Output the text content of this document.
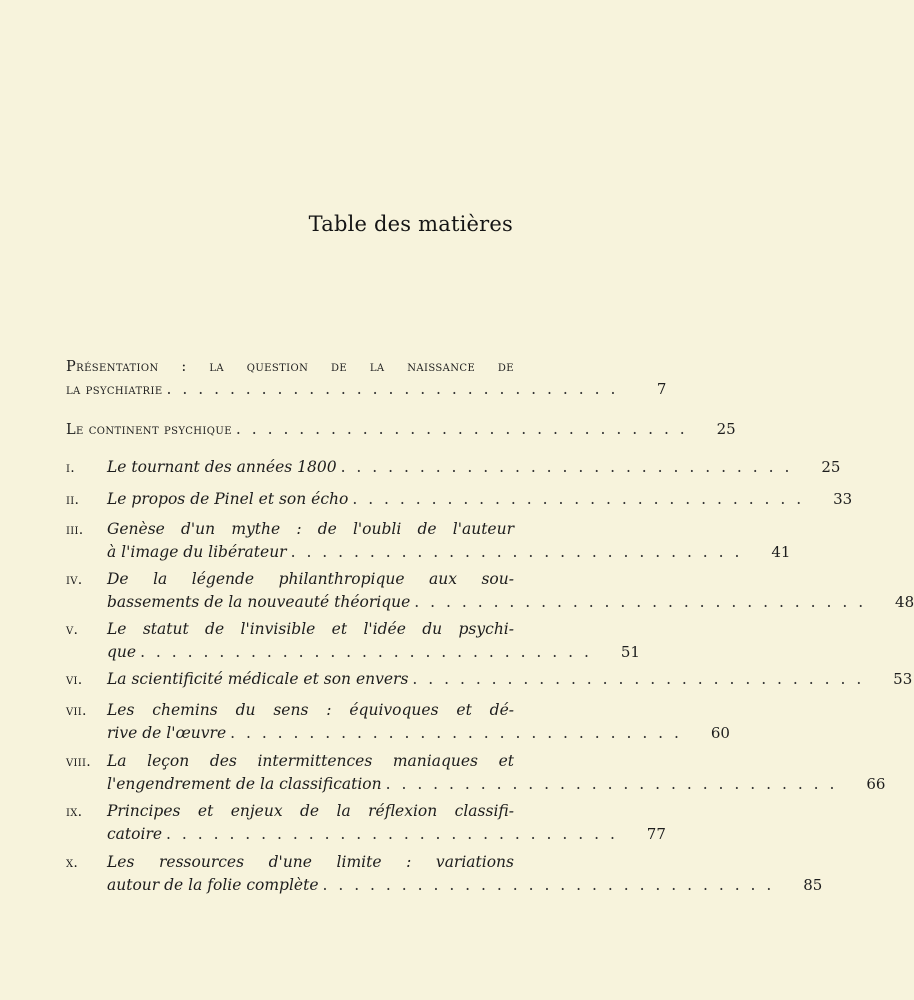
Table des matières
Présentation : la question de la naissance de
la psychiatrie . . . . . . . . . . . . . . . . . . . . . . . . . . . . .	7
Le continent psychique . . . . . . . . . . . . . . . . . . . . . . . . . . . . .	25
i.	Le tournant des années 1800 . . . . . . . . . . . . . . . . . . . . . . . . . . . . .	25
ii.	Le propos de Pinel et son écho . . . . . . . . . . . . . . . . . . . . . . . . . . . . .	33
iii.	Genèse d'un mythe : de l'oubli de l'auteur
à l'image du libérateur . . . . . . . . . . . . . . . . . . . . . . . . . . . . .	41
iv.	De la légende philanthropique aux sou-
bassements de la nouveauté théorique . . . . . . . . . . . . . . . . . . . . . . . . . . . . .	48
v.	Le statut de l'invisible et l'idée du psychi-
que . . . . . . . . . . . . . . . . . . . . . . . . . . . . .	51
vi.	La scientificité médicale et son envers . . . . . . . . . . . . . . . . . . . . . . . . . . . . .	53
vii.	Les chemins du sens : équivoques et dé-
rive de l'œuvre . . . . . . . . . . . . . . . . . . . . . . . . . . . . .	60
viii.	La leçon des intermittences maniaques et
l'engendrement de la classification . . . . . . . . . . . . . . . . . . . . . . . . . . . . .	66
ix.	Principes et enjeux de la réflexion classifi-
catoire . . . . . . . . . . . . . . . . . . . . . . . . . . . . .	77
x.	Les ressources d'une limite : variations
autour de la folie complète . . . . . . . . . . . . . . . . . . . . . . . . . . . . .	85
